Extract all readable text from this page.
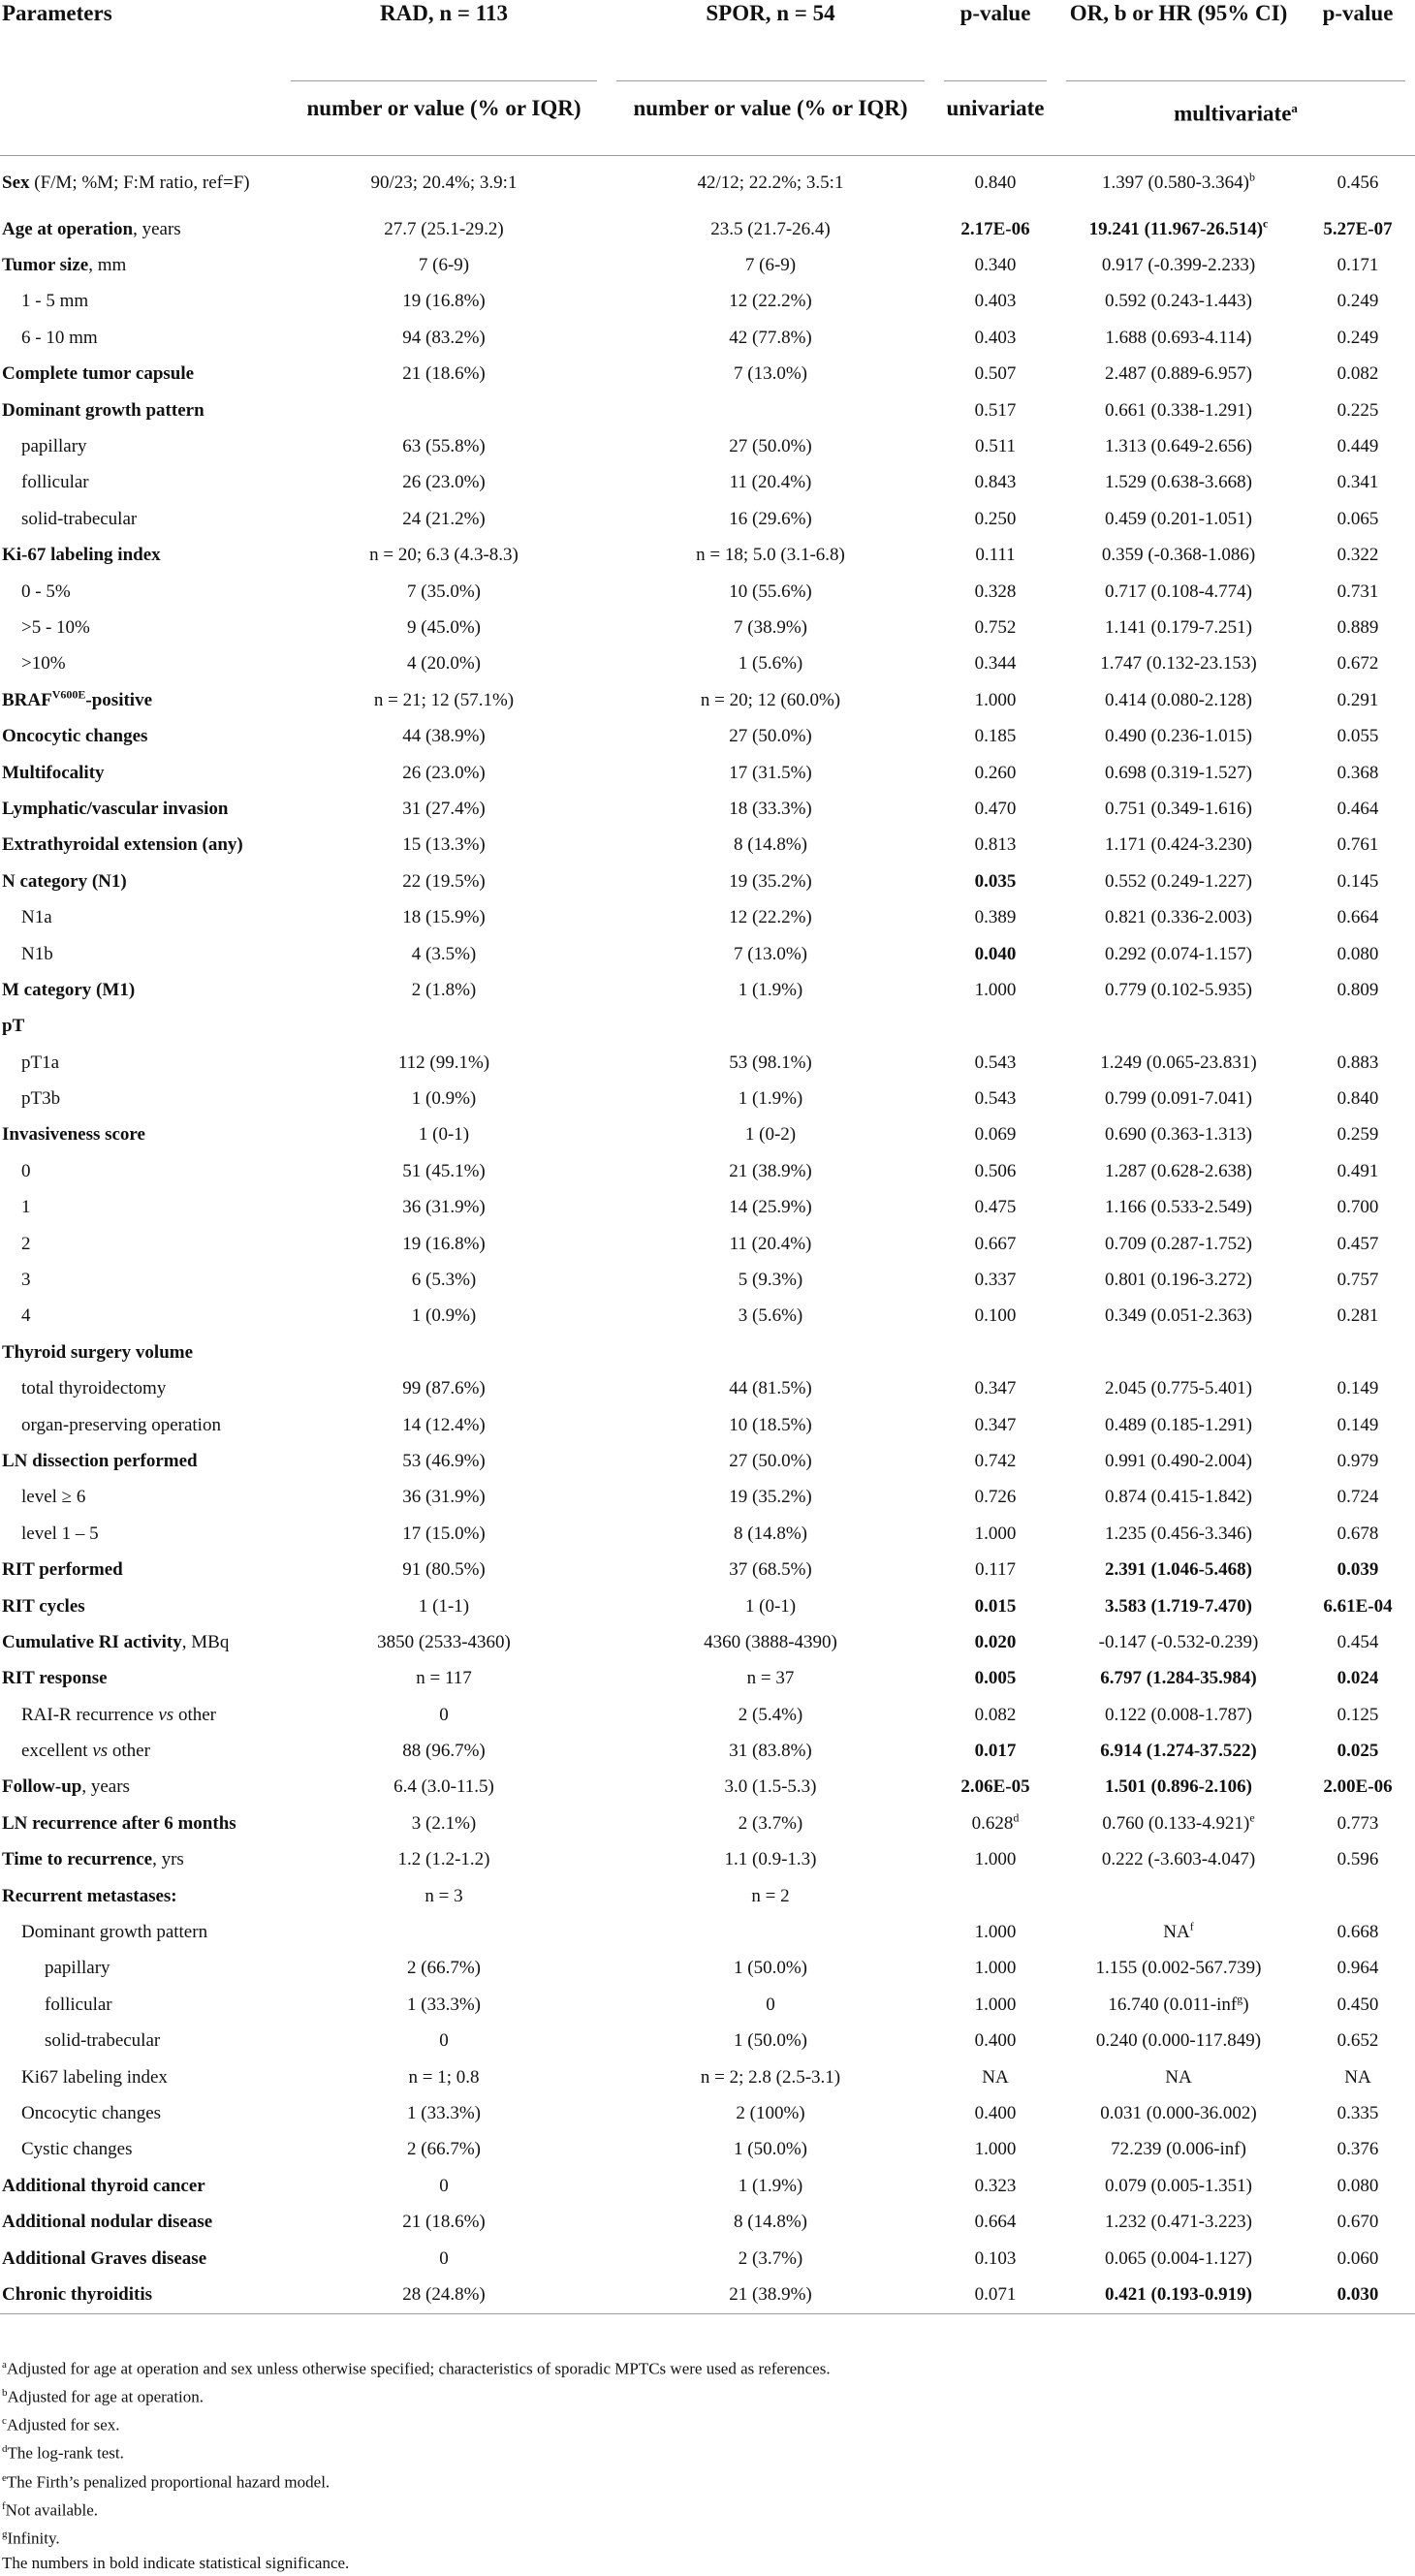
Parameters	RAD, n = 113	SPOR, n = 54	p-value	OR, b or HR (95% CI)	p-value

	number or value (% or IQR)	number or value (% or IQR)	univariate	multivariate$^a$

Sex (F/M; %M; F:M ratio, ref=F)	90/23; 20.4%; 3.9:1	42/12; 22.2%; 3.5:1	0.840	1.397 $(0.580-3.364)^b$	0.456
Age at operation, years	27.7 (25.1-29.2)	23.5 (21.7-26.4)	2.17E-06	19.241 $(11.967-26.514)^c$	5.27E-07
Tumor size, mm	7 (6-9)	7 (6-9)	0.340	0.917 (-0.399-2.233)	0.171
1 - 5 mm	19 (16.8%)	12 (22.2%)	0.403	0.592 (0.243-1.443)	0.249
6 - 10 mm	94 (83.2%)	42 (77.8%)	0.403	1.688 (0.693-4.114)	0.249
Complete tumor capsule	21 (18.6%)	7 (13.0%)	0.507	2.487 (0.889-6.957)	0.082
Dominant growth pattern			0.517	0.661 (0.338-1.291)	0.225
papillary	63 (55.8%)	27 (50.0%)	0.511	1.313 (0.649-2.656)	0.449
follicular	26 (23.0%)	11 (20.4%)	0.843	1.529 (0.638-3.668)	0.341
solid-trabecular	24 (21.2%)	16 (29.6%)	0.250	0.459 (0.201-1.051)	0.065
Ki-67 labeling index	n = 20; 6.3 (4.3-8.3)	n = 18; 5.0 (3.1-6.8)	0.111	0.359 (-0.368-1.086)	0.322
0 - 5%	7 (35.0%)	10 (55.6%)	0.328	0.717 (0.108-4.774)	0.731
>5 - 10%	9 (45.0%)	7 (38.9%)	0.752	1.141 (0.179-7.251)	0.889
>10%	4 (20.0%)	1 (5.6%)	0.344	1.747 (0.132-23.153)	0.672
$BRAF^{V600E}$-positive	n = 21; 12 (57.1%)	n = 20; 12 (60.0%)	1.000	0.414 (0.080-2.128)	0.291
Oncocytic changes	44 (38.9%)	27 (50.0%)	0.185	0.490 (0.236-1.015)	0.055
Multifocality	26 (23.0%)	17 (31.5%)	0.260	0.698 (0.319-1.527)	0.368
Lymphatic/vascular invasion	31 (27.4%)	18 (33.3%)	0.470	0.751 (0.349-1.616)	0.464
Extrathyroidal extension (any)	15 (13.3%)	8 (14.8%)	0.813	1.171 (0.424-3.230)	0.761
N category (N1)	22 (19.5%)	19 (35.2%)	0.035	0.552 (0.249-1.227)	0.145
N1a	18 (15.9%)	12 (22.2%)	0.389	0.821 (0.336-2.003)	0.664
N1b	4 (3.5%)	7 (13.0%)	0.040	0.292 (0.074-1.157)	0.080
M category (M1)	2 (1.8%)	1 (1.9%)	1.000	0.779 (0.102-5.935)	0.809
pT					
pT1a	112 (99.1%)	53 (98.1%)	0.543	1.249 (0.065-23.831)	0.883
pT3b	1 (0.9%)	1 (1.9%)	0.543	0.799 (0.091-7.041)	0.840
Invasiveness score	1 (0-1)	1 (0-2)	0.069	0.690 (0.363-1.313)	0.259
0	51 (45.1%)	21 (38.9%)	0.506	1.287 (0.628-2.638)	0.491
1	36 (31.9%)	14 (25.9%)	0.475	1.166 (0.533-2.549)	0.700
2	19 (16.8%)	11 (20.4%)	0.667	0.709 (0.287-1.752)	0.457
3	6 (5.3%)	5 (9.3%)	0.337	0.801 (0.196-3.272)	0.757
4	1 (0.9%)	3 (5.6%)	0.100	0.349 (0.051-2.363)	0.281
Thyroid surgery volume					
total thyroidectomy	99 (87.6%)	44 (81.5%)	0.347	2.045 (0.775-5.401)	0.149
organ-preserving operation	14 (12.4%)	10 (18.5%)	0.347	0.489 (0.185-1.291)	0.149
LN dissection performed	53 (46.9%)	27 (50.0%)	0.742	0.991 (0.490-2.004)	0.979
level ≥ 6	36 (31.9%)	19 (35.2%)	0.726	0.874 (0.415-1.842)	0.724
level 1 – 5	17 (15.0%)	8 (14.8%)	1.000	1.235 (0.456-3.346)	0.678
RIT performed	91 (80.5%)	37 (68.5%)	0.117	2.391 (1.046-5.468)	0.039
RIT cycles	1 (1-1)	1 (0-1)	0.015	3.583 (1.719-7.470)	6.61E-04
Cumulative RI activity, MBq	3850 (2533-4360)	4360 (3888-4390)	0.020	-0.147 (-0.532-0.239)	0.454
RIT response	n = 117	n = 37	0.005	6.797 (1.284-35.984)	0.024
RAI-R recurrence vs other	0	2 (5.4%)	0.082	0.122 (0.008-1.787)	0.125
excellent vs other	88 (96.7%)	31 (83.8%)	0.017	6.914 (1.274-37.522)	0.025
Follow-up, years	6.4 (3.0-11.5)	3.0 (1.5-5.3)	2.06E-05	1.501 (0.896-2.106)	2.00E-06
LN recurrence after 6 months	3 (2.1%)	2 (3.7%)	0.628$^d$	0.760 $(0.133-4.921)^e$	0.773
Time to recurrence, yrs	1.2 (1.2-1.2)	1.1 (0.9-1.3)	1.000	0.222 (-3.603-4.047)	0.596
Recurrent metastases:	n = 3	n = 2			
Dominant growth pattern			1.000	$NA^f$	0.668
papillary	2 (66.7%)	1 (50.0%)	1.000	1.155 (0.002-567.739)	0.964
follicular	1 (33.3%)	0	1.000	16.740 (0.011-inf$^g$)	0.450
solid-trabecular	0	1 (50.0%)	0.400	0.240 (0.000-117.849)	0.652
Ki67 labeling index	n = 1; 0.8	n = 2; 2.8 (2.5-3.1)	NA	NA	NA
Oncocytic changes	1 (33.3%)	2 (100%)	0.400	0.031 (0.000-36.002)	0.335
Cystic changes	2 (66.7%)	1 (50.0%)	1.000	72.239 (0.006-inf)	0.376
Additional thyroid cancer	0	1 (1.9%)	0.323	0.079 (0.005-1.351)	0.080
Additional nodular disease	21 (18.6%)	8 (14.8%)	0.664	1.232 (0.471-3.223)	0.670
Additional Graves disease	0	2 (3.7%)	0.103	0.065 (0.004-1.127)	0.060
Chronic thyroiditis	28 (24.8%)	21 (38.9%)	0.071	0.421 (0.193-0.919)	0.030
$^a$Adjusted for age at operation and sex unless otherwise specified; characteristics of sporadic MPTCs were used as references.
$^b$Adjusted for age at operation.
$^c$Adjusted for sex.
$^d$The log-rank test.
$^e$The Firth’s penalized proportional hazard model.
$^f$Not available.
$^g$Infinity.
The numbers in bold indicate statistical significance.
